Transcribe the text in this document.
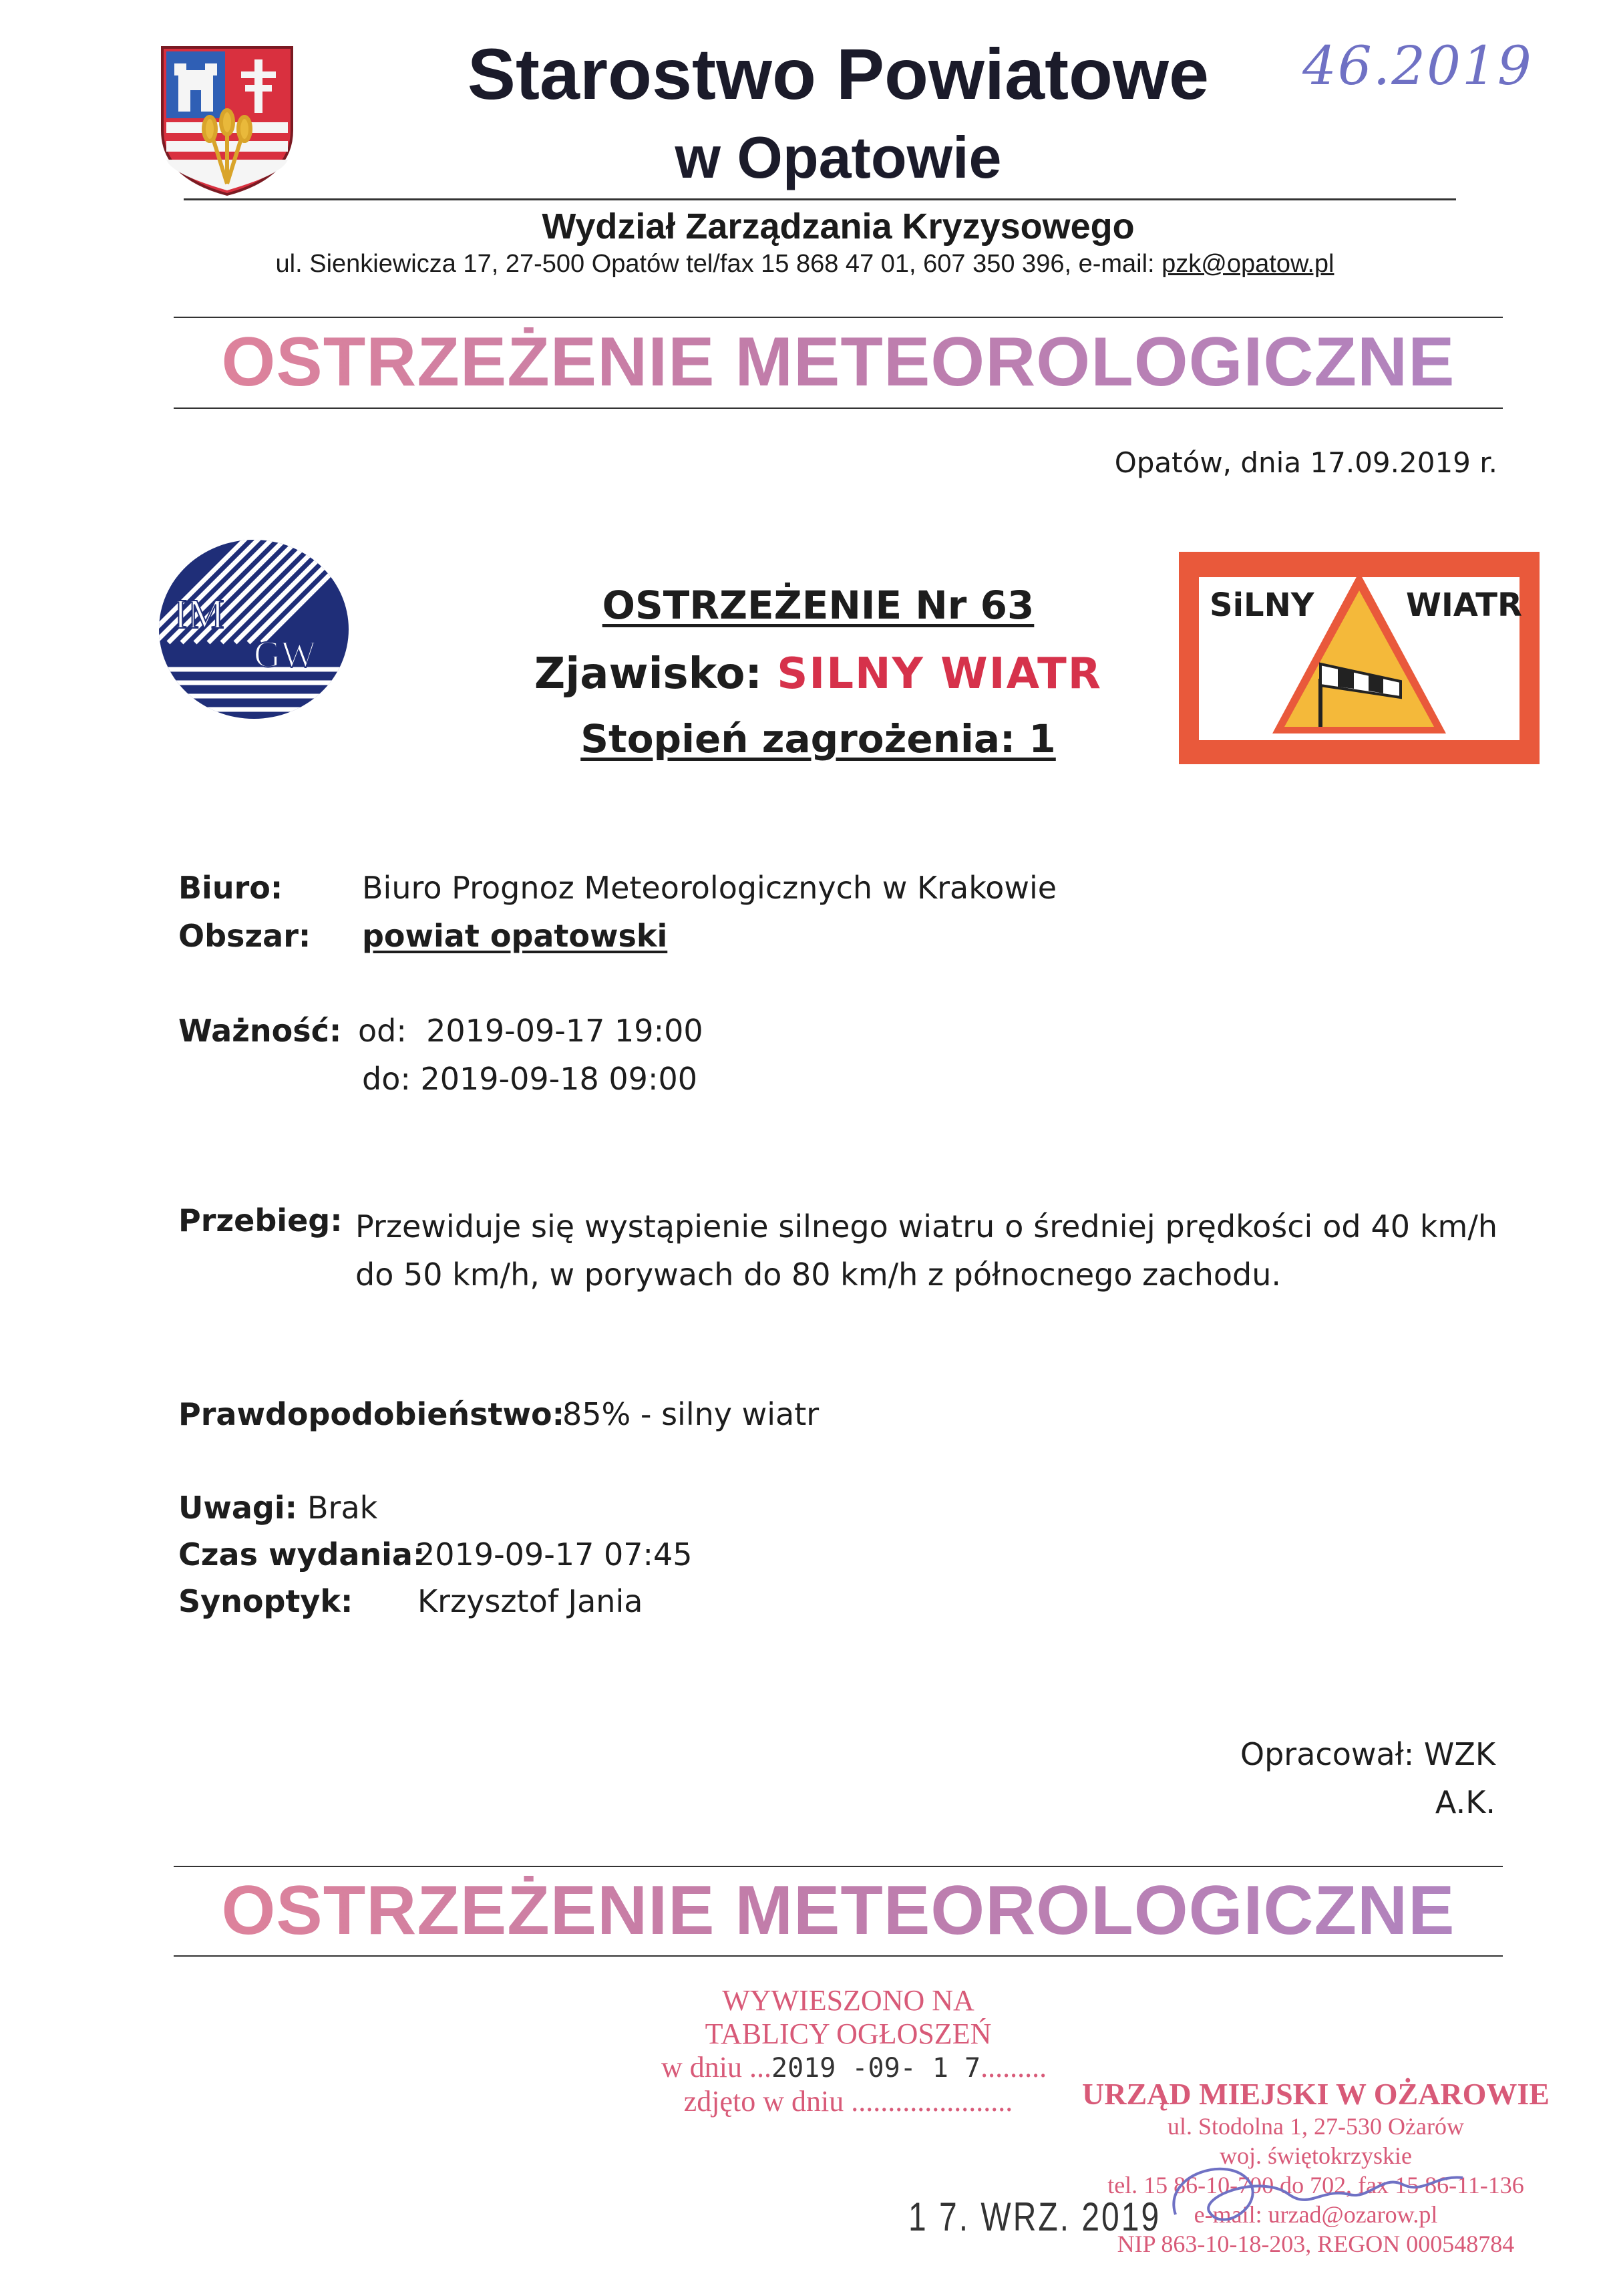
Starostwo Powiatowe
w Opatowie
46.2019
Wydział Zarządzania Kryzysowego
ul. Sienkiewicza 17, 27-500 Opatów tel/fax 15 868 47 01, 607 350 396, e-mail: pzk@opatow.pl
OSTRZEŻENIE METEOROLOGICZNE
Opatów, dnia 17.09.2019 r.
IM
GW
OSTRZEŻENIE Nr 63
Zjawisko: SILNY WIATR
Stopień zagrożenia: 1
SiLNY	WIATR
Biuro:	Biuro Prognoz Meteorologicznych w Krakowie
Obszar: powiat opatowski
Ważność: od:  2019-09-17 19:00
do: 2019-09-18 09:00
Przebieg: Przewiduje się wystąpienie silnego wiatru o średniej prędkości od 40 km/h do 50 km/h, w porywach do 80 km/h z północnego zachodu.
Prawdopodobieństwo:
85% - silny wiatr
Uwagi: Brak
Czas wydania:
2019-09-17 07:45
Synoptyk: Krzysztof Jania
Opracował: WZK
A.K.
OSTRZEŻENIE METEOROLOGICZNE
WYWIESZONO NA
TABLICY OGŁOSZEŃ
w dniu ...2019 -09- 1 7.........
zdjęto w dniu ......................
1 7. WRZ. 2019
URZĄD MIEJSKI W OŻAROWIE
ul. Stodolna 1, 27-530 Ożarów
woj. świętokrzyskie
tel. 15 86-10-700 do 702, fax 15 86-11-136
e-mail: urzad@ozarow.pl
NIP 863-10-18-203, REGON 000548784
